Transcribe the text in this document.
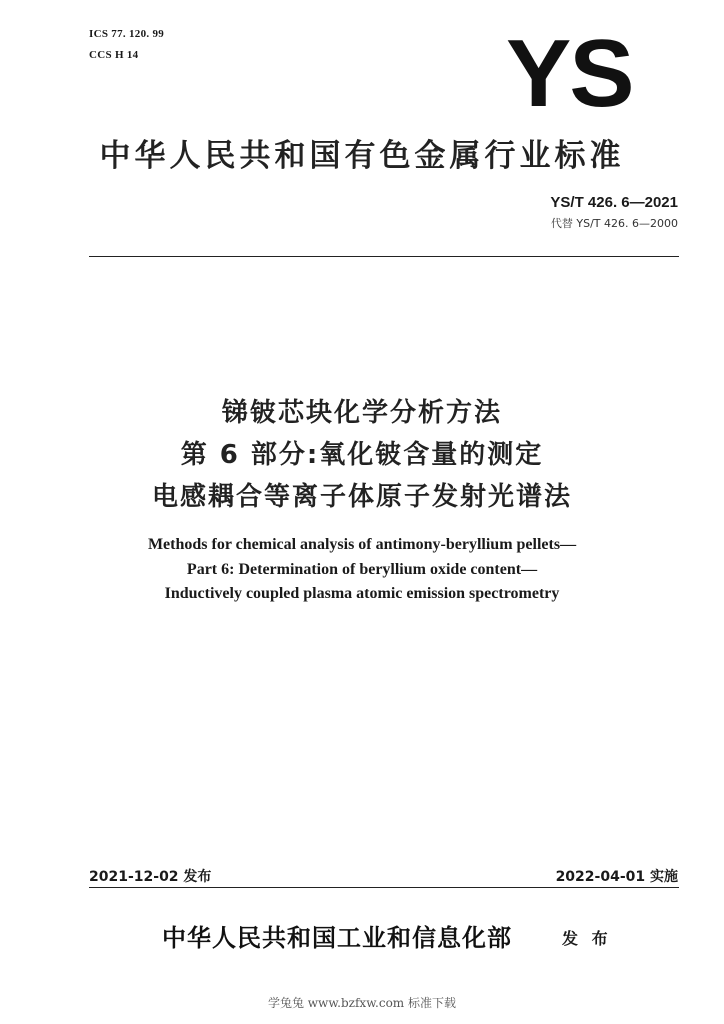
ICS 77. 120. 99
CCS H 14	YS
中华人民共和国有色金属行业标准
YS/T 426. 6—2021
代替 YS/T 426. 6—2000
锑铍芯块化学分析方法
第 6 部分:氧化铍含量的测定
电感耦合等离子体原子发射光谱法
Methods for chemical analysis of antimony-beryllium pellets—
Part 6: Determination of beryllium oxide content—
Inductively coupled plasma atomic emission spectrometry
2021-12-02 发布	2022-04-01 实施
中华人民共和国工业和信息化部	发 布
学兔兔 www.bzfxw.com 标准下载
